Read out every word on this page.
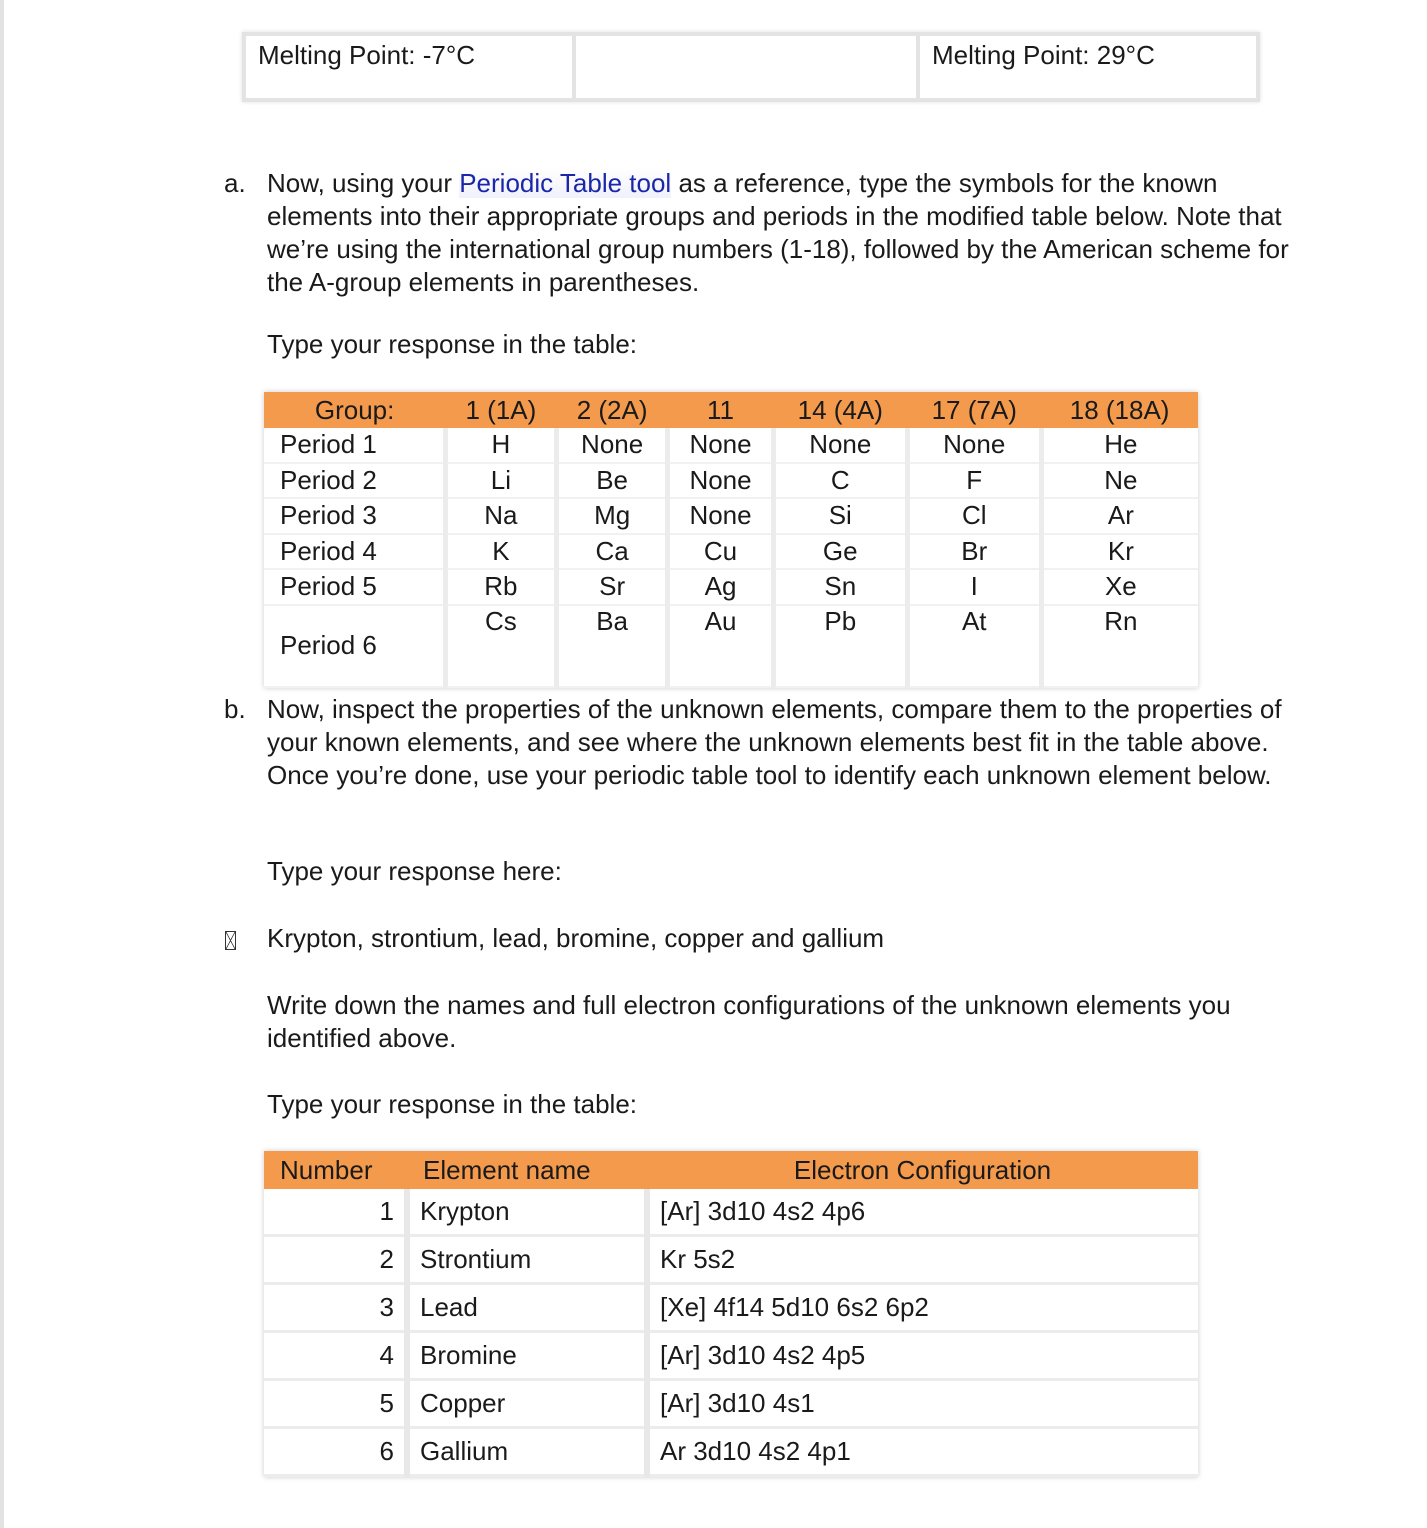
Melting Point: -7°C	Melting Point: 29°C
a. Now, using your Periodic Table tool as a reference, type the symbols for the known elements into their appropriate groups and periods in the modified table below. Note that we’re using the international group numbers (1-18), followed by the American scheme for the A-group elements in parentheses.
Type your response in the table:
Group:	1 (1A)	2 (2A)	11	14 (4A)	17 (7A)	18 (18A)
Period 1	H	None	None	None	None	He
Period 2	Li	Be	None	C	F	Ne
Period 3	Na	Mg	None	Si	Cl	Ar
Period 4	K	Ca	Cu	Ge	Br	Kr
Period 5	Rb	Sr	Ag	Sn	I	Xe
Period 6	Cs	Ba	Au	Pb	At	Rn
b. Now, inspect the properties of the unknown elements, compare them to the properties of your known elements, and see where the unknown elements best fit in the table above. Once you’re done, use your periodic table tool to identify each unknown element below.
Type your response here:
Krypton, strontium, lead, bromine, copper and gallium
Write down the names and full electron configurations of the unknown elements you identified above.
Type your response in the table:
Number	Element name	Electron Configuration
1	Krypton	[Ar] 3d10 4s2 4p6
2	Strontium	Kr 5s2
3	Lead	[Xe] 4f14 5d10 6s2 6p2
4	Bromine	[Ar] 3d10 4s2 4p5
5	Copper	[Ar] 3d10 4s1
6	Gallium	Ar 3d10 4s2 4p1
